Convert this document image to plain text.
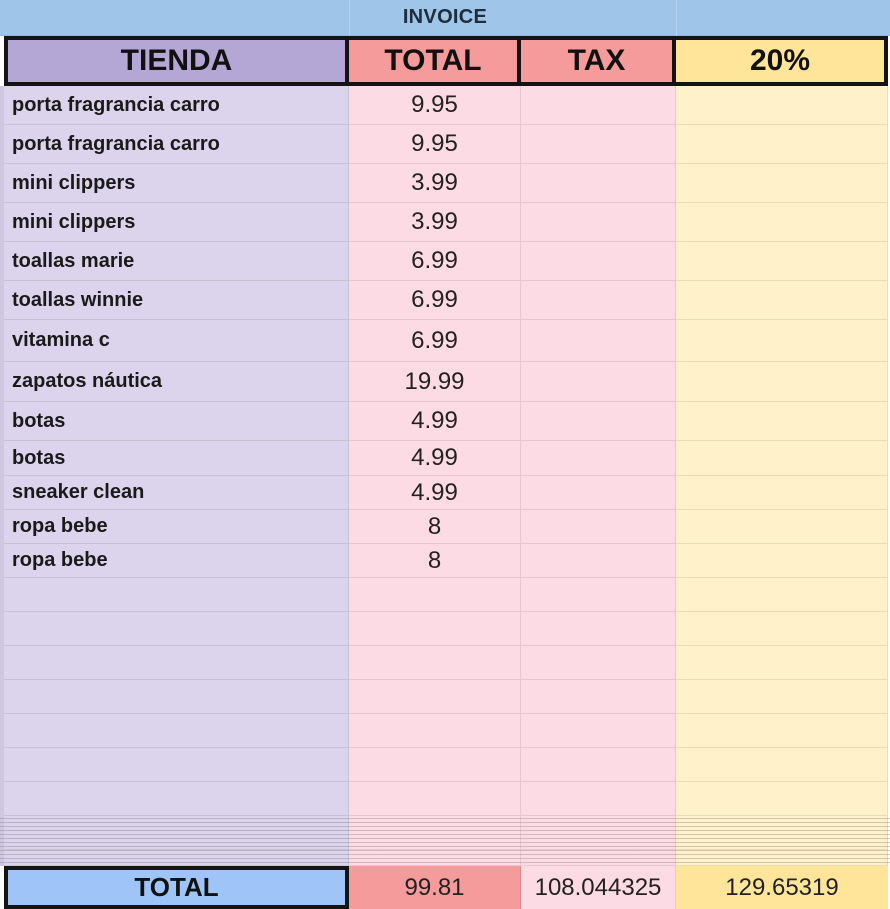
INVOICE
TIENDA	TOTAL	TAX	20%
porta fragrancia carro	9.95
porta fragrancia carro	9.95
mini clippers	3.99
mini clippers	3.99
toallas marie	6.99
toallas winnie	6.99
vitamina c	6.99
zapatos náutica	19.99
botas	4.99
botas	4.99
sneaker clean	4.99
ropa bebe	8
ropa bebe	8
TOTAL	99.81	108.044325	129.65319
